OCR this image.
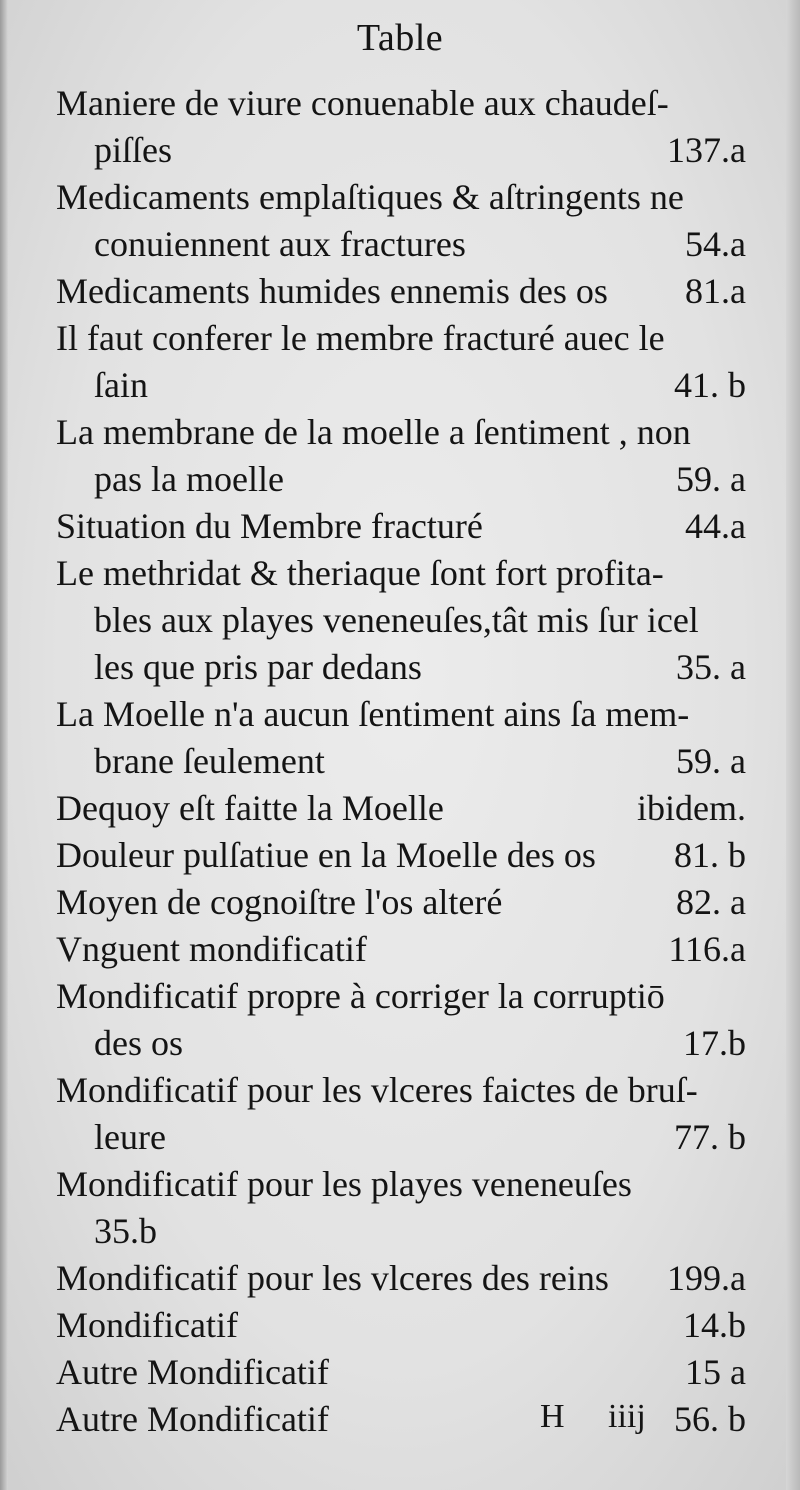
Table
Maniere de viure conuenable aux chaudeſ-
piſſes	137.a
Medicaments emplaſtiques & aſtringents ne
conuiennent aux fractures	54.a
Medicaments humides ennemis des os	81.a
Il faut conferer le membre fracturé auec le
ſain	41. b
La membrane de la moelle a ſentiment , non
pas la moelle	59. a
Situation du Membre fracturé	44.a
Le methridat & theriaque ſont fort profita-
bles aux playes veneneuſes,tât mis ſur icel
les que pris par dedans	35. a
La Moelle n'a aucun ſentiment ains ſa mem-
brane ſeulement	59. a
Dequoy eſt faitte la Moelle	ibidem.
Douleur pulſatiue en la Moelle des os	81. b
Moyen de cognoiſtre l'os alteré	82. a
Vnguent mondificatif	116.a
Mondificatif propre à corriger la corruptiō
des os	17.b
Mondificatif pour les vlceres faictes de bruſ-
leure	77. b
Mondificatif pour les playes veneneuſes
35.b
Mondificatif pour les vlceres des reins	199.a
Mondificatif	14.b
Autre Mondificatif	15 a
Autre Mondificatif	56. b
H iiij
